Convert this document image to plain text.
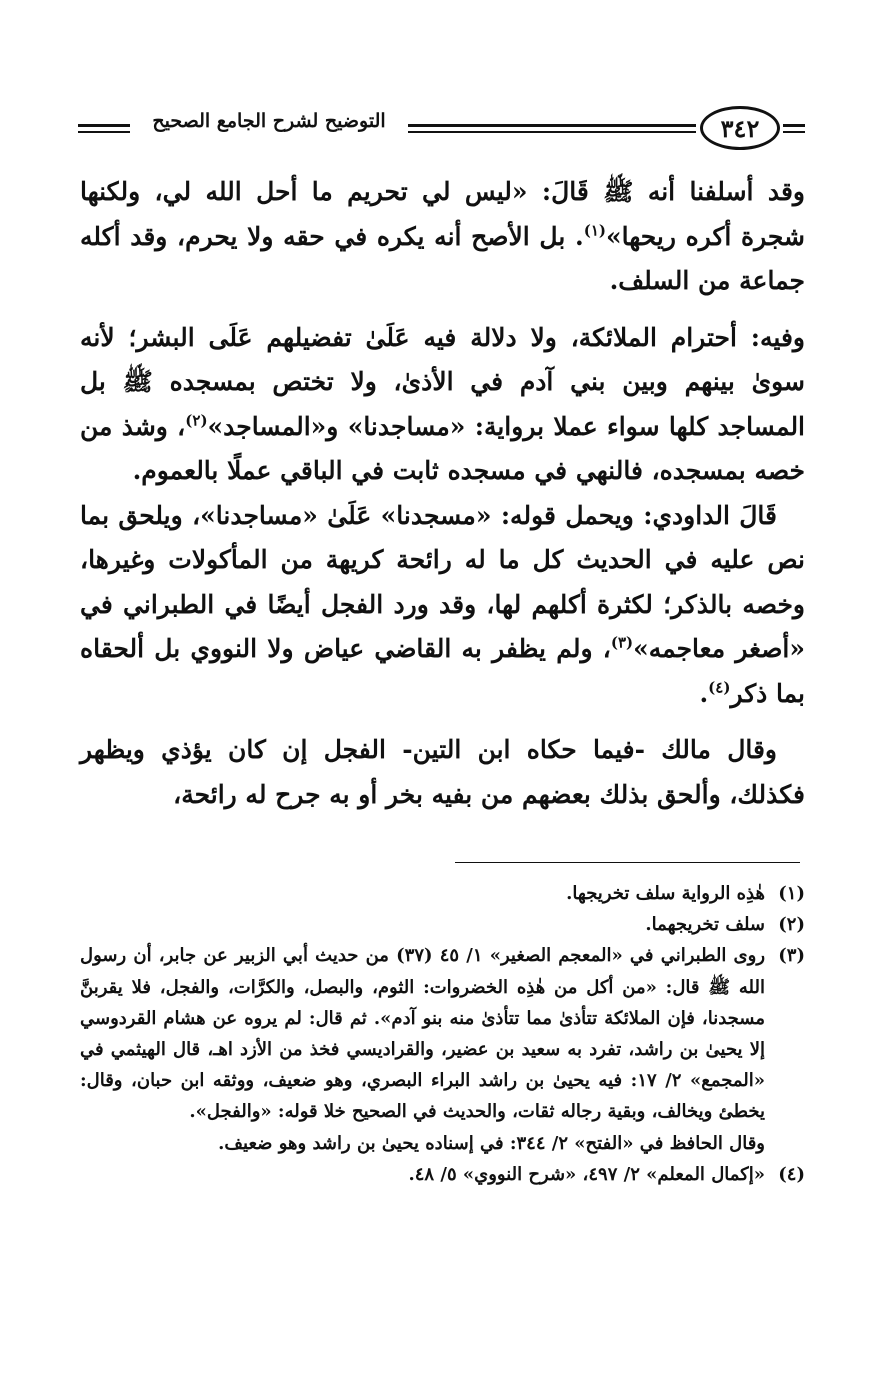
التوضيح لشرح الجامع الصحيح	٣٤٢

وقد أسلفنا أنه ﷺ قَالَ: «ليس لي تحريم ما أحل الله لي، ولكنها شجرة أكره ريحها»$^{(١)}$. بل الأصح أنه يكره في حقه ولا يحرم، وقد أكله جماعة من السلف.

وفيه: أحترام الملائكة، ولا دلالة فيه عَلَىٰ تفضيلهم عَلَى البشر؛ لأنه سوىٰ بينهم وبين بني آدم في الأذىٰ، ولا تختص بمسجده ﷺ بل المساجد كلها سواء عملا برواية: «مساجدنا» و«المساجد»$^{(٢)}$، وشذ من خصه بمسجده، فالنهي في مسجده ثابت في الباقي عملًا بالعموم.

قَالَ الداودي: ويحمل قوله: «مسجدنا» عَلَىٰ «مساجدنا»، ويلحق بما نص عليه في الحديث كل ما له رائحة كريهة من المأكولات وغيرها، وخصه بالذكر؛ لكثرة أكلهم لها، وقد ورد الفجل أيضًا في الطبراني في «أصغر معاجمه»$^{(٣)}$، ولم يظفر به القاضي عياض ولا النووي بل ألحقاه بما ذكر$^{(٤)}$.

وقال مالك -فيما حكاه ابن التين- الفجل إن كان يؤذي ويظهر فكذلك، وألحق بذلك بعضهم من بفيه بخر أو به جرح له رائحة،

(١)
هٰذِه الرواية سلف تخريجها.
(٢)
سلف تخريجهما.
(٣)
روى الطبراني في «المعجم الصغير» ١/ ٤٥ (٣٧) من حديث أبي الزبير عن جابر، أن رسول الله ﷺ قال: «من أكل من هٰذِه الخضروات: الثوم، والبصل، والكرَّات، والفجل، فلا يقربنَّ مسجدنا، فإن الملائكة تتأذىٰ مما تتأذىٰ منه بنو آدم». ثم قال: لم يروه عن هشام القردوسي إلا يحيىٰ بن راشد، تفرد به سعيد بن عضير، والقراديسي فخذ من الأزد اهـ، قال الهيثمي في «المجمع» ٢/ ١٧: فيه يحيىٰ بن راشد البراء البصري، وهو ضعيف، ووثقه ابن حبان، وقال: يخطئ ويخالف، وبقية رجاله ثقات، والحديث في الصحيح خلا قوله: «والفجل».
وقال الحافظ في «الفتح» ٢/ ٣٤٤: في إسناده يحيىٰ بن راشد وهو ضعيف.
(٤)
«إكمال المعلم» ٢/ ٤٩٧، «شرح النووي» ٥/ ٤٨.
